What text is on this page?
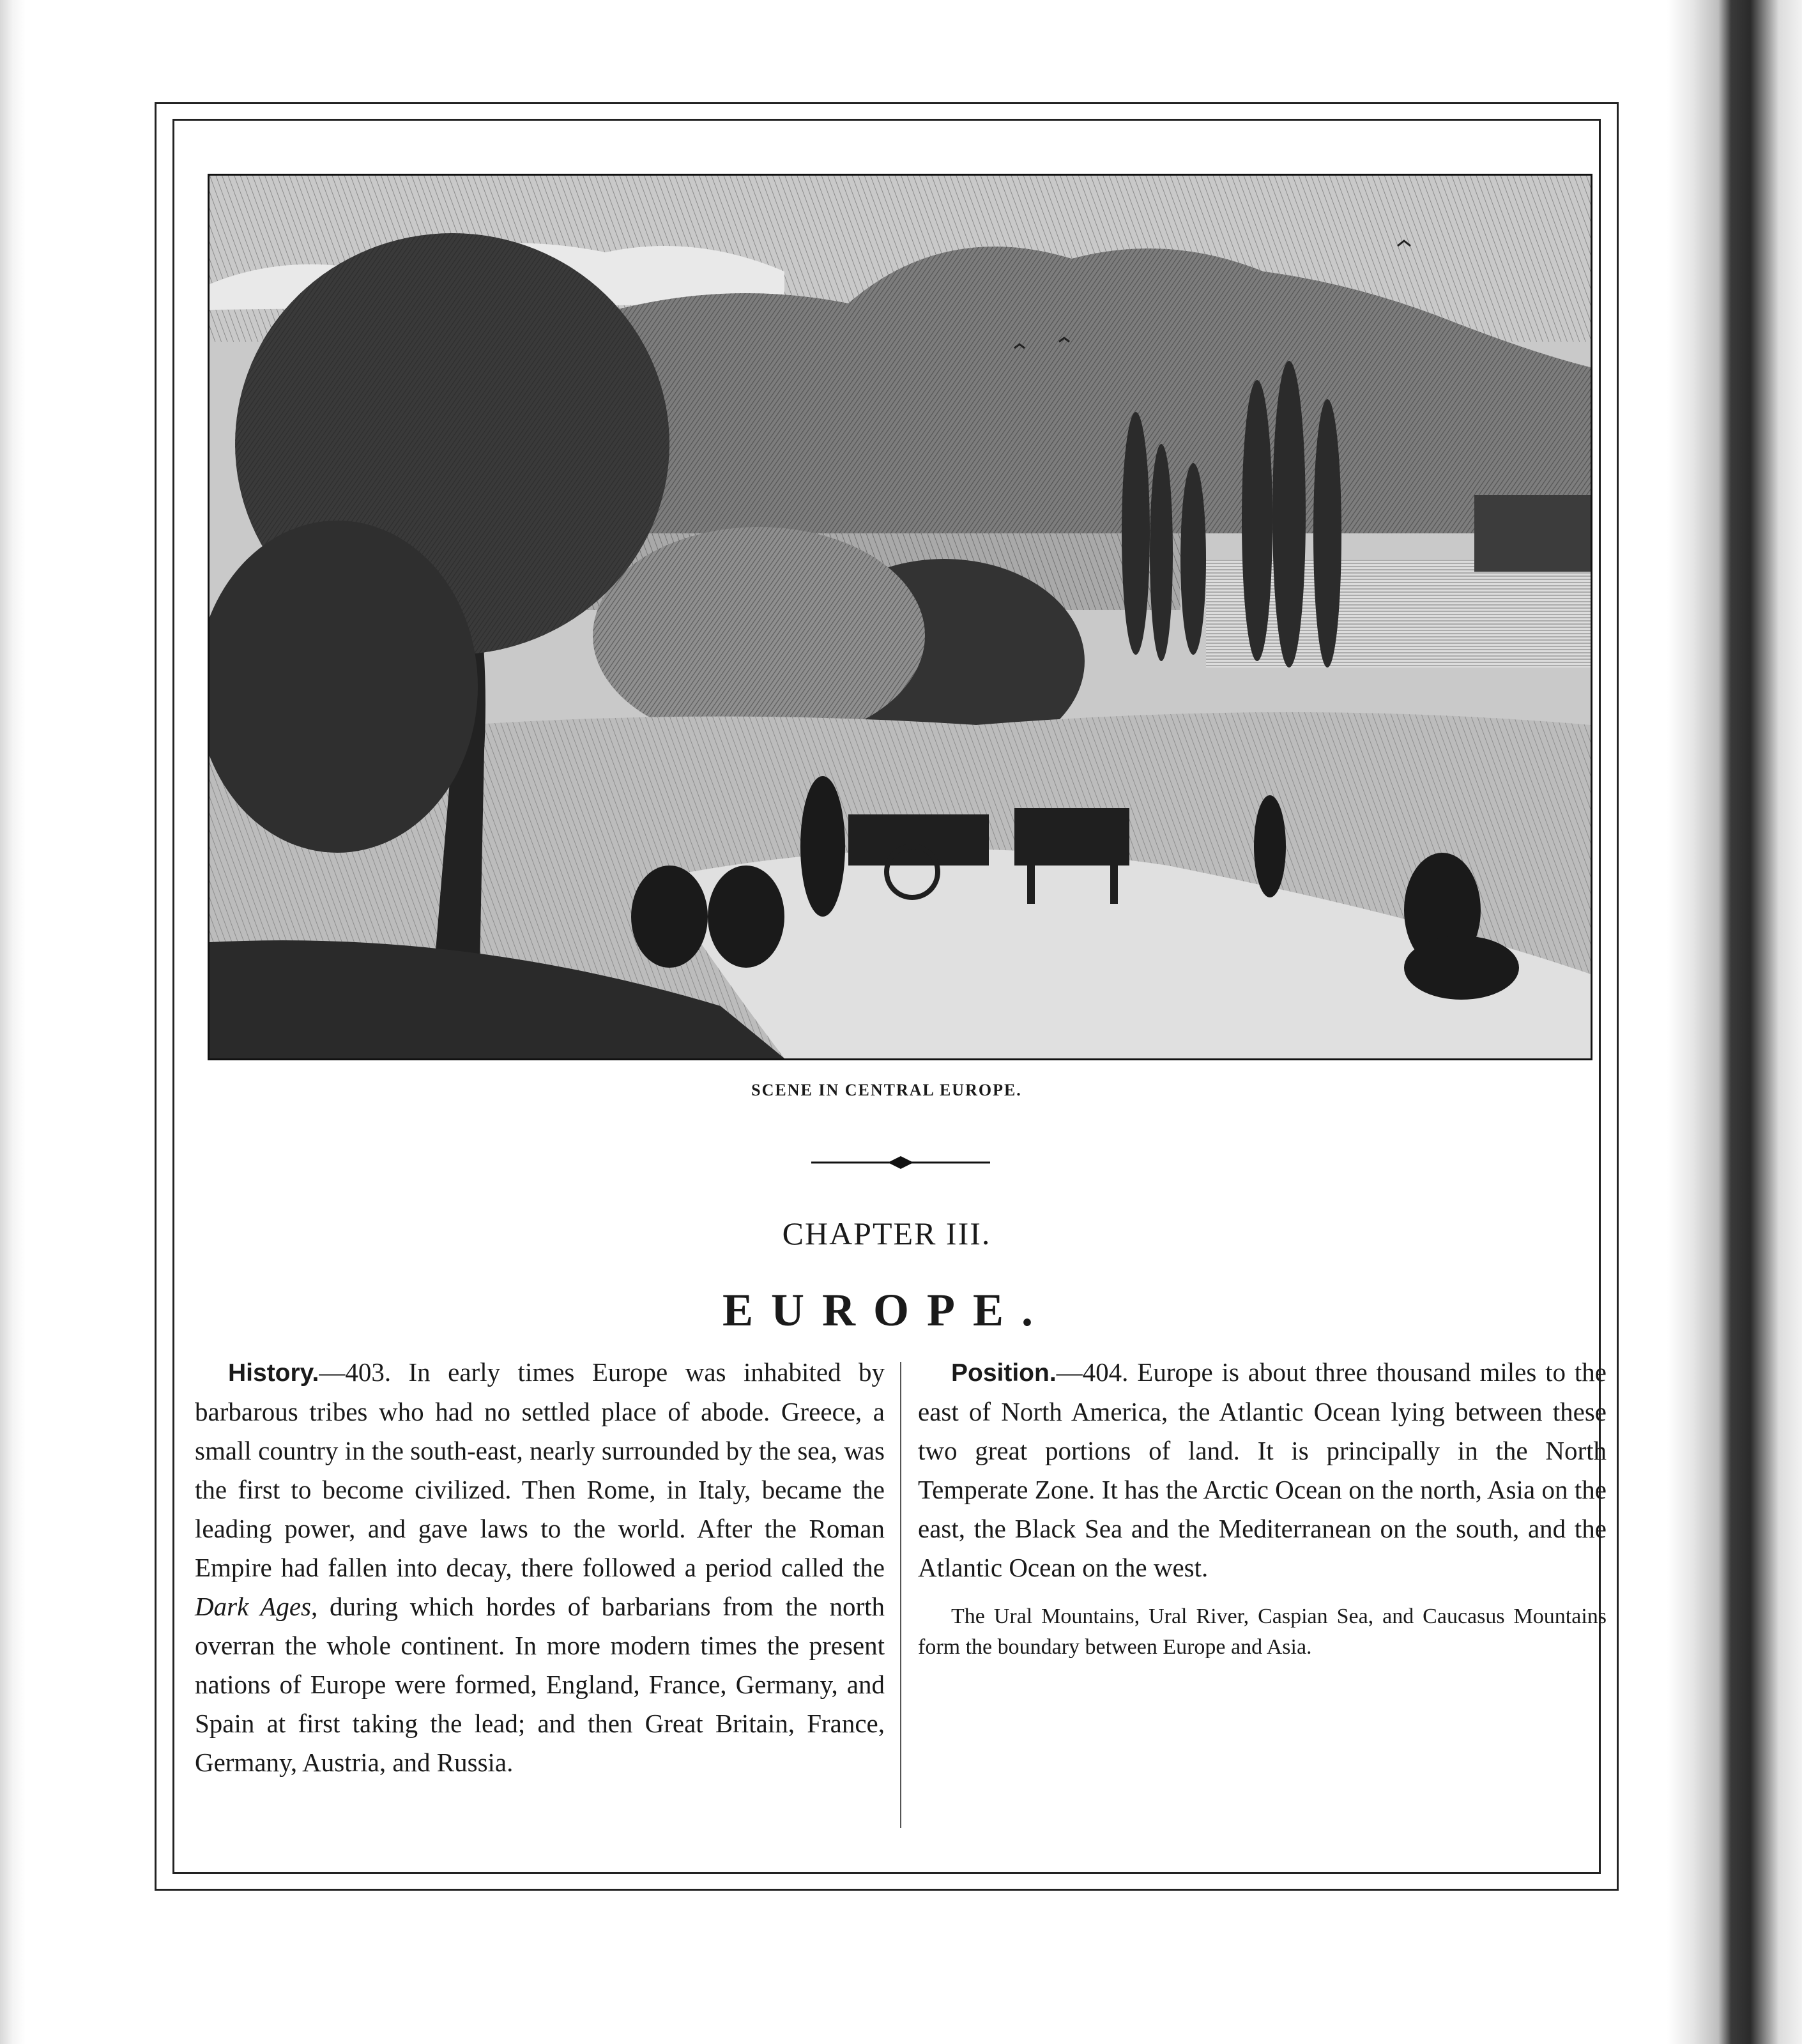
SCENE IN CENTRAL EUROPE.
CHAPTER III.
EUROPE.

History.—403. In early times Europe was inhabited by barbarous tribes who had no settled place of abode. Greece, a small country in the south-east, nearly surrounded by the sea, was the first to become civilized. Then Rome, in Italy, became the leading power, and gave laws to the world. After the Roman Empire had fallen into decay, there followed a period called the Dark Ages, during which hordes of barbarians from the north overran the whole continent. In more modern times the present nations of Europe were formed, England, France, Germany, and Spain at first taking the lead; and then Great Britain, France, Germany, Austria, and Russia.

Position.—404. Europe is about three thousand miles to the east of North America, the Atlantic Ocean lying between these two great portions of land. It is principally in the North Temperate Zone. It has the Arctic Ocean on the north, Asia on the east, the Black Sea and the Mediterranean on the south, and the Atlantic Ocean on the west.

The Ural Mountains, Ural River, Caspian Sea, and Caucasus Mountains form the boundary between Europe and Asia.
